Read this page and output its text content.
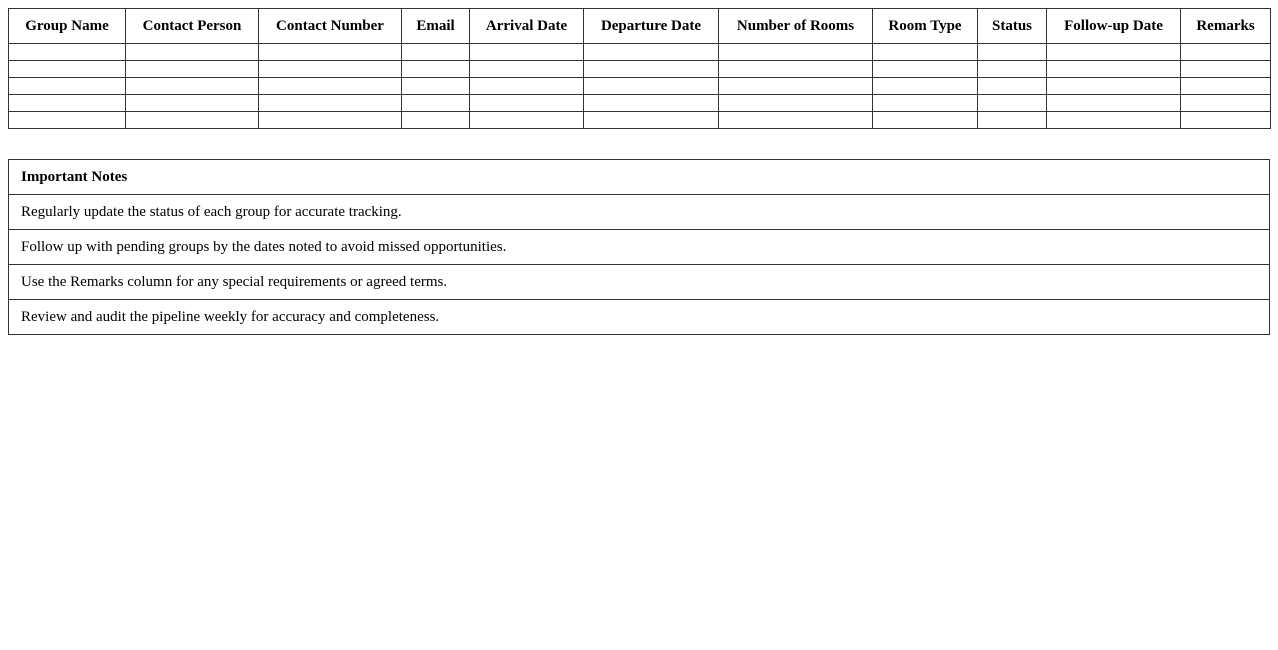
Group Name	Contact Person	Contact Number	Email	Arrival Date	Departure Date	Number of Rooms	Room Type	Status	Follow-up Date	Remarks

Important Notes
Regularly update the status of each group for accurate tracking.
Follow up with pending groups by the dates noted to avoid missed opportunities.
Use the Remarks column for any special requirements or agreed terms.
Review and audit the pipeline weekly for accuracy and completeness.
